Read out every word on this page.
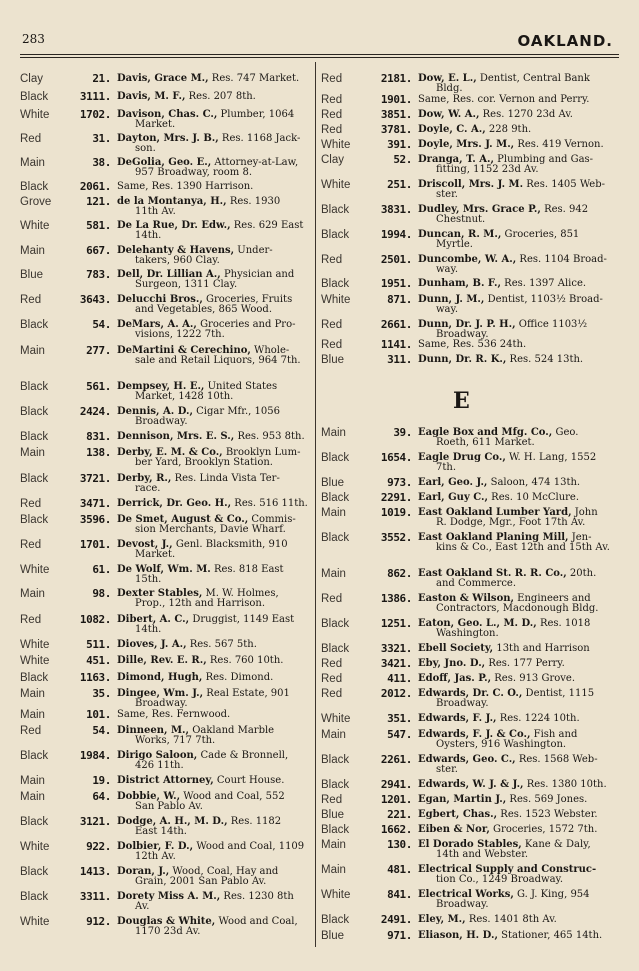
283	OAKLAND.
E
Clay	21. Davis, Grace M., Res. 747 Market.
Black	3111. Davis, M. F., Res. 207 8th.
White	1702. Davison, Chas. C., Plumber, 1064
Market.
Red	31. Dayton, Mrs. J. B., Res. 1168 Jack-
son.
Main	38. DeGolia, Geo. E., Attorney-at-Law,
957 Broadway, room 8.
Black	2061. Same, Res. 1390 Harrison.
Grove	121. de la Montanya, H., Res. 1930
11th Av.
White	581. De La Rue, Dr. Edw., Res. 629 East
14th.
Main	667. Delehanty & Havens, Under-
takers, 960 Clay.
Blue	783. Dell, Dr. Lillian A., Physician and
Surgeon, 1311 Clay.
Red	3643. Delucchi Bros., Groceries, Fruits
and Vegetables, 865 Wood.
Black	54. DeMars, A. A., Groceries and Pro-
visions, 1222 7th.
Main	277. DeMartini & Cerechino, Whole-
sale and Retail Liquors, 964 7th.
Black	561. Dempsey, H. E., United States
Market, 1428 10th.
Black	2424. Dennis, A. D., Cigar Mfr., 1056
Broadway.
Black	831. Dennison, Mrs. E. S., Res. 953 8th.
Main	138. Derby, E. M. & Co., Brooklyn Lum-
ber Yard, Brooklyn Station.
Black	3721. Derby, R., Res. Linda Vista Ter-
race.
Red	3471. Derrick, Dr. Geo. H., Res. 516 11th.
Black	3596. De Smet, August & Co., Commis-
sion Merchants, Davie Wharf.
Red	1701. Devost, J., Genl. Blacksmith, 910
Market.
White	61. De Wolf, Wm. M. Res. 818 East
15th.
Main	98. Dexter Stables, M. W. Holmes,
Prop., 12th and Harrison.
Red	1082. Dibert, A. C., Druggist, 1149 East
14th.
White	511. Dioves, J. A., Res. 567 5th.
White	451. Dille, Rev. E. R., Res. 760 10th.
Black	1163. Dimond, Hugh, Res. Dimond.
Main	35. Dingee, Wm. J., Real Estate, 901
Broadway.
Main	101. Same, Res. Fernwood.
Red	54. Dinneen, M., Oakland Marble
Works, 717 7th.
Black	1984. Dirigo Saloon, Cade & Bronnell,
426 11th.
Main	19. District Attorney, Court House.
Main	64. Dobbie, W., Wood and Coal, 552
San Pablo Av.
Black	3121. Dodge, A. H., M. D., Res. 1182
East 14th.
White	922. Dolbier, F. D., Wood and Coal, 1109
12th Av.
Black	1413. Doran, J., Wood, Coal, Hay and
Grain, 2001 San Pablo Av.
Black	3311. Dorety Miss A. M., Res. 1230 8th
Av.
White	912. Douglas & White, Wood and Coal,
1170 23d Av.
Red	2181. Dow, E. L., Dentist, Central Bank
Bldg.
Red	1901. Same, Res. cor. Vernon and Perry.
Red	3851. Dow, W. A., Res. 1270 23d Av.
Red	3781. Doyle, C. A., 228 9th.
White	391. Doyle, Mrs. J. M., Res. 419 Vernon.
Clay	52. Dranga, T. A., Plumbing and Gas-
fitting, 1152 23d Av.
White	251. Driscoll, Mrs. J. M. Res. 1405 Web-
ster.
Black	3831. Dudley, Mrs. Grace P., Res. 942
Chestnut.
Black	1994. Duncan, R. M., Groceries, 851
Myrtle.
Red	2501. Duncombe, W. A., Res. 1104 Broad-
way.
Black	1951. Dunham, B. F., Res. 1397 Alice.
White	871. Dunn, J. M., Dentist, 1103½ Broad-
way.
Red	2661. Dunn, Dr. J. P. H., Office 1103½
Broadway.
Red	1141. Same, Res. 536 24th.
Blue	311. Dunn, Dr. R. K., Res. 524 13th.
Main	39. Eagle Box and Mfg. Co., Geo.
Roeth, 611 Market.
Black	1654. Eagle Drug Co., W. H. Lang, 1552
7th.
Blue	973. Earl, Geo. J., Saloon, 474 13th.
Black	2291. Earl, Guy C., Res. 10 McClure.
Main	1019. East Oakland Lumber Yard, John
R. Dodge, Mgr., Foot 17th Av.
Black	3552. East Oakland Planing Mill, Jen-
kins & Co., East 12th and 15th Av.
Main	862. East Oakland St. R. R. Co., 20th.
and Commerce.
Red	1386. Easton & Wilson, Engineers and
Contractors, Macdonough Bldg.
Black	1251. Eaton, Geo. L., M. D., Res. 1018
Washington.
Black	3321. Ebell Society, 13th and Harrison
Red	3421. Eby, Jno. D., Res. 177 Perry.
Red	411. Edoff, Jas. P., Res. 913 Grove.
Red	2012. Edwards, Dr. C. O., Dentist, 1115
Broadway.
White	351. Edwards, F. J., Res. 1224 10th.
Main	547. Edwards, F. J. & Co., Fish and
Oysters, 916 Washington.
Black	2261. Edwards, Geo. C., Res. 1568 Web-
ster.
Black	2941. Edwards, W. J. & J., Res. 1380 10th.
Red	1201. Egan, Martin J., Res. 569 Jones.
Blue	221. Egbert, Chas., Res. 1523 Webster.
Black	1662. Eiben & Nor, Groceries, 1572 7th.
Main	130. El Dorado Stables, Kane & Daly,
14th and Webster.
Main	481. Electrical Supply and Construc-
tion Co., 1249 Broadway.
White	841. Electrical Works, G. J. King, 954
Broadway.
Black	2491. Eley, M., Res. 1401 8th Av.
Blue	971. Eliason, H. D., Stationer, 465 14th.
